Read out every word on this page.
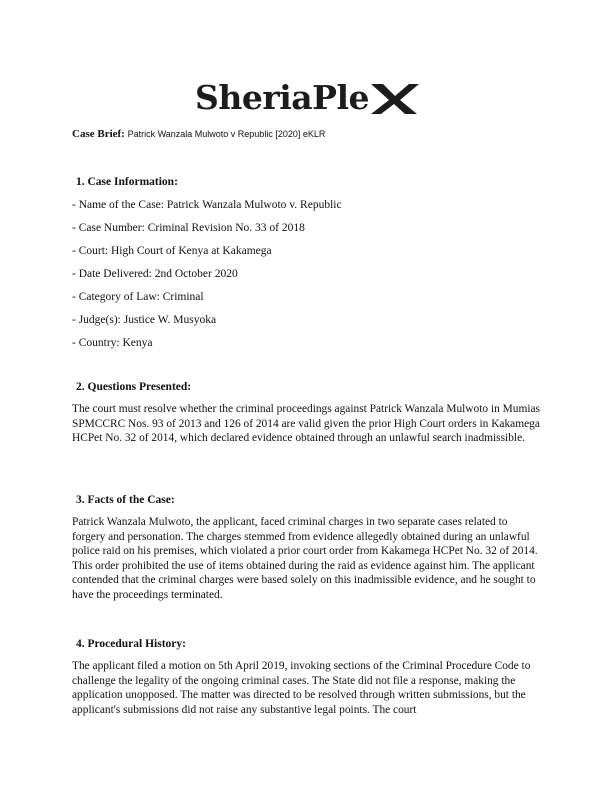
SheriaPle
Case Brief: Patrick Wanzala Mulwoto v Republic [2020] eKLR
1. Case Information:
- Name of the Case: Patrick Wanzala Mulwoto v. Republic
- Case Number: Criminal Revision No. 33 of 2018
- Court: High Court of Kenya at Kakamega
- Date Delivered: 2nd October 2020
- Category of Law: Criminal
- Judge(s): Justice W. Musyoka
- Country: Kenya
2. Questions Presented:
The court must resolve whether the criminal proceedings against Patrick Wanzala Mulwoto in Mumias SPMCCRC Nos. 93 of 2013 and 126 of 2014 are valid given the prior High Court orders in Kakamega HCPet No. 32 of 2014, which declared evidence obtained through an unlawful search inadmissible.
3. Facts of the Case:
Patrick Wanzala Mulwoto, the applicant, faced criminal charges in two separate cases related to forgery and personation. The charges stemmed from evidence allegedly obtained during an unlawful police raid on his premises, which violated a prior court order from Kakamega HCPet No. 32 of 2014. This order prohibited the use of items obtained during the raid as evidence against him. The applicant contended that the criminal charges were based solely on this inadmissible evidence, and he sought to have the proceedings terminated.
4. Procedural History:
The applicant filed a motion on 5th April 2019, invoking sections of the Criminal Procedure Code to challenge the legality of the ongoing criminal cases. The State did not file a response, making the application unopposed. The matter was directed to be resolved through written submissions, but the applicant's submissions did not raise any substantive legal points. The court
